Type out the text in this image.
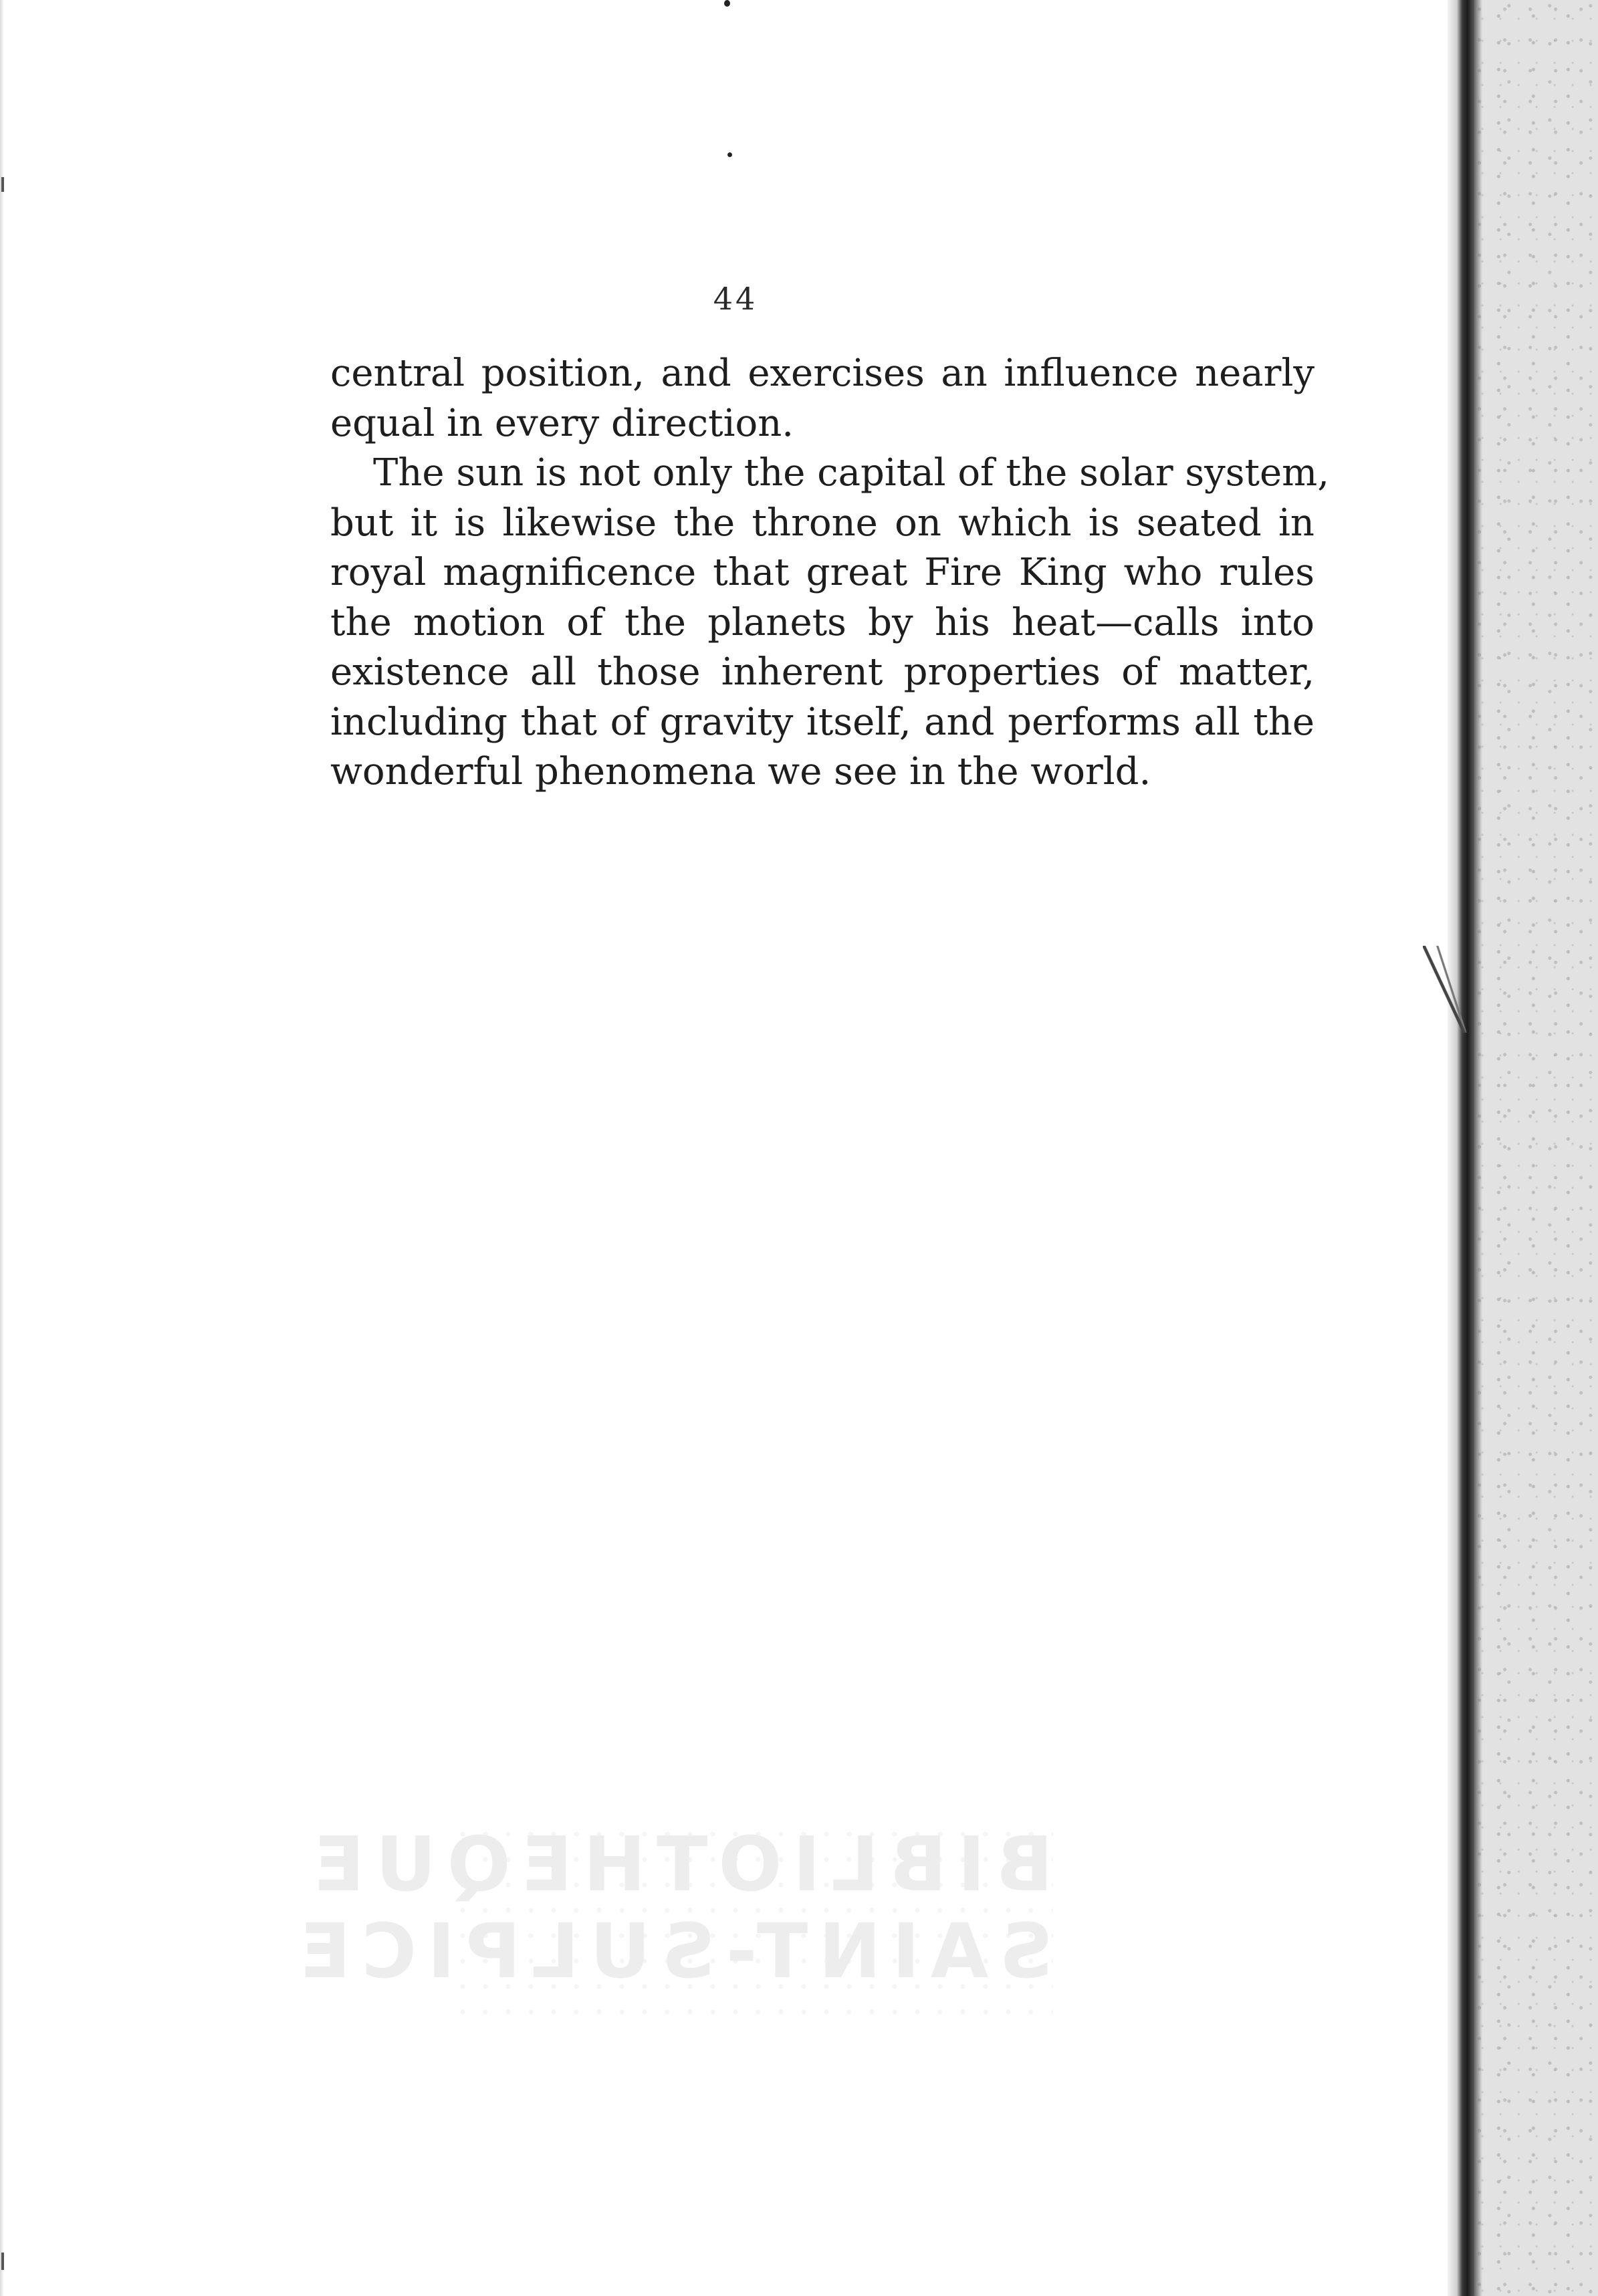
44
central position, and exercises an influence nearly
equal in every direction.
The sun is not only the capital of the solar system,
but it is likewise the throne on which is seated in
royal magnificence that great Fire King who rules
the motion of the planets by his heat—calls into
existence all those inherent properties of matter,
including that of gravity itself, and performs all the
wonderful phenomena we see in the world.
BIBLIOTHEQUE
SAINT-SULPICE
